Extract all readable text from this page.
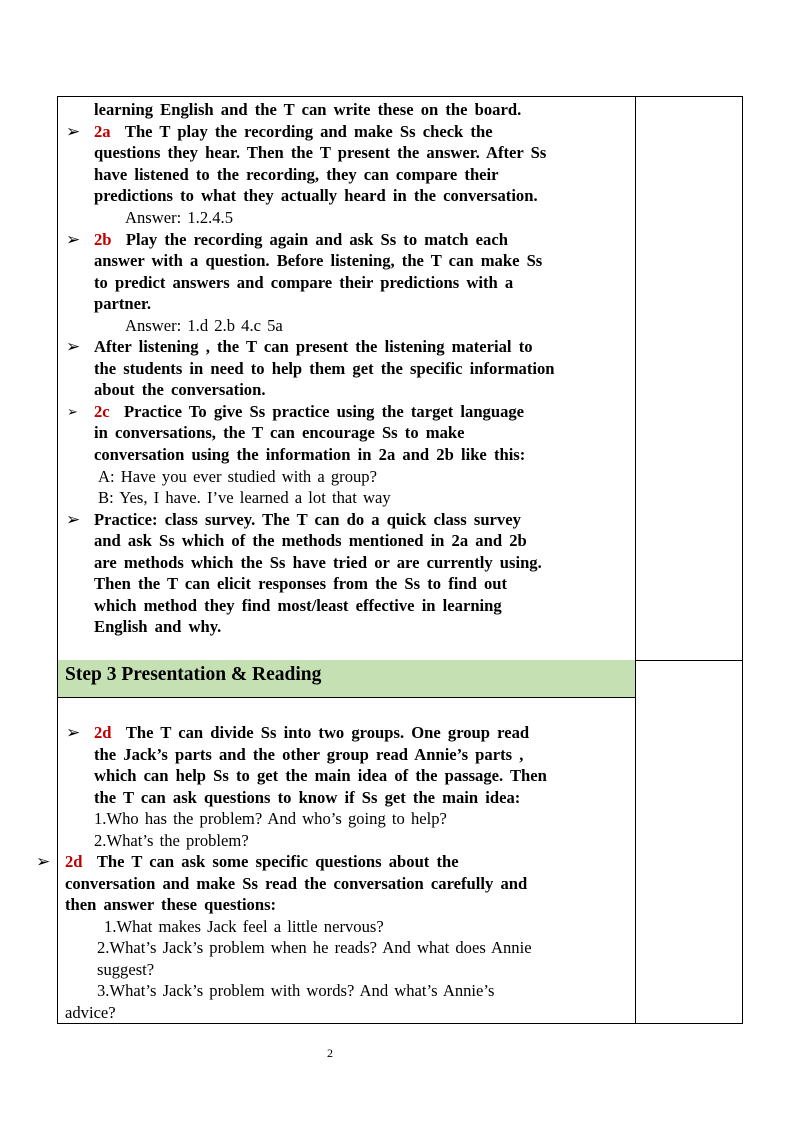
learning English and the T can write these on the board.
➢ 2a The T play the recording and make Ss check the
questions they hear. Then the T present the answer. After Ss
have listened to the recording, they can compare their
predictions to what they actually heard in the conversation.
Answer: 1.2.4.5
➢ 2b Play the recording again and ask Ss to match each
answer with a question. Before listening, the T can make Ss
to predict answers and compare their predictions with a
partner.
Answer: 1.d 2.b 4.c 5a
➢ After listening , the T can present the listening material to
the students in need to help them get the specific information
about the conversation.
➢ 2c Practice To give Ss practice using the target language
in conversations, the T can encourage Ss to make
conversation using the information in 2a and 2b like this:
A: Have you ever studied with a group?
B: Yes, I have. I’ve learned a lot that way
➢ Practice: class survey. The T can do a quick class survey
and ask Ss which of the methods mentioned in 2a and 2b
are methods which the Ss have tried or are currently using.
Then the T can elicit responses from the Ss to find out
which method they find most/least effective in learning
English and why.
Step 3 Presentation & Reading
➢ 2d The T can divide Ss into two groups. One group read
the Jack’s parts and the other group read Annie’s parts ,
which can help Ss to get the main idea of the passage. Then
the T can ask questions to know if Ss get the main idea:
1.Who has the problem? And who’s going to help?
2.What’s the problem?
➢ 2d The T can ask some specific questions about the
conversation and make Ss read the conversation carefully and
then answer these questions:
1.What makes Jack feel a little nervous?
2.What’s Jack’s problem when he reads? And what does Annie
suggest?
3.What’s Jack’s problem with words? And what’s Annie’s
advice?
2
